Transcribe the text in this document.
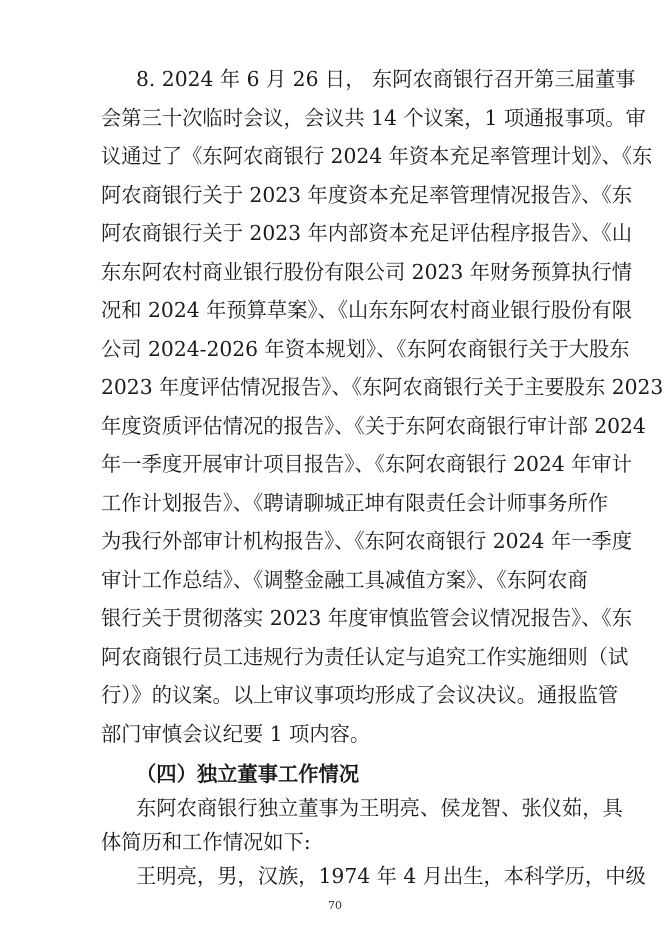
8. 2024 年 6 月 26 日， 东阿农商银行召开第三届董事
会第三十次临时会议，会议共 14 个议案，1 项通报事项。审
议通过了《东阿农商银行 2024 年资本充足率管理计划》、《东
阿农商银行关于 2023 年度资本充足率管理情况报告》、《东
阿农商银行关于 2023 年内部资本充足评估程序报告》、《山
东东阿农村商业银行股份有限公司 2023 年财务预算执行情
况和 2024 年预算草案》、《山东东阿农村商业银行股份有限
公司 2024-2026 年资本规划》、《东阿农商银行关于大股东
2023 年度评估情况报告》、《东阿农商银行关于主要股东 2023
年度资质评估情况的报告》、《关于东阿农商银行审计部 2024
年一季度开展审计项目报告》、《东阿农商银行 2024 年审计
工作计划报告》、《聘请聊城正坤有限责任会计师事务所作
为我行外部审计机构报告》、《东阿农商银行 2024 年一季度
审计工作总结》、《调整金融工具减值方案》、《东阿农商
银行关于贯彻落实 2023 年度审慎监管会议情况报告》、《东
阿农商银行员工违规行为责任认定与追究工作实施细则（试
行）》的议案。以上审议事项均形成了会议决议。通报监管
部门审慎会议纪要 1 项内容。
（四）独立董事工作情况
东阿农商银行独立董事为王明亮、侯龙智、张仪茹，具
70
体简历和工作情况如下:
王明亮，男，汉族，1974 年 4 月出生，本科学历，中级
